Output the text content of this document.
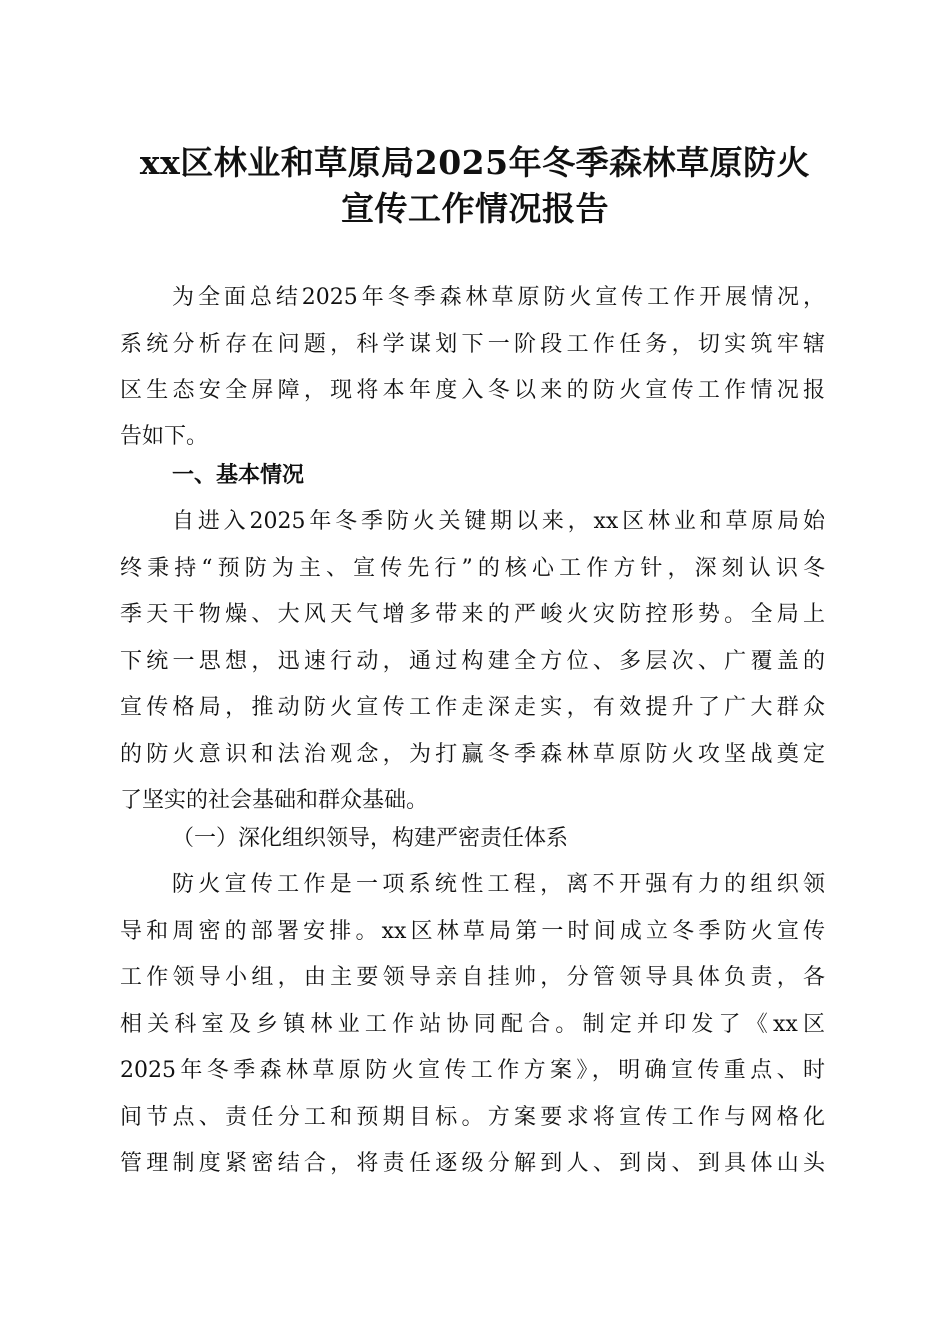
xx区林业和草原局2025年冬季森林草原防火
宣传工作情况报告
为全面总结2025年冬季森林草原防火宣传工作开展情况，
系统分析存在问题，科学谋划下一阶段工作任务，切实筑牢辖
区生态安全屏障，现将本年度入冬以来的防火宣传工作情况报
告如下。
一、基本情况
自进入2025年冬季防火关键期以来，xx区林业和草原局始
终秉持“预防为主、宣传先行”的核心工作方针，深刻认识冬
季天干物燥、大风天气增多带来的严峻火灾防控形势。全局上
下统一思想，迅速行动，通过构建全方位、多层次、广覆盖的
宣传格局，推动防火宣传工作走深走实，有效提升了广大群众
的防火意识和法治观念，为打赢冬季森林草原防火攻坚战奠定
了坚实的社会基础和群众基础。
（一）深化组织领导，构建严密责任体系
防火宣传工作是一项系统性工程，离不开强有力的组织领
导和周密的部署安排。xx区林草局第一时间成立冬季防火宣传
工作领导小组，由主要领导亲自挂帅，分管领导具体负责，各
相关科室及乡镇林业工作站协同配合。制定并印发了《xx区
2025年冬季森林草原防火宣传工作方案》，明确宣传重点、时
间节点、责任分工和预期目标。方案要求将宣传工作与网格化
管理制度紧密结合，将责任逐级分解到人、到岗、到具体山头
